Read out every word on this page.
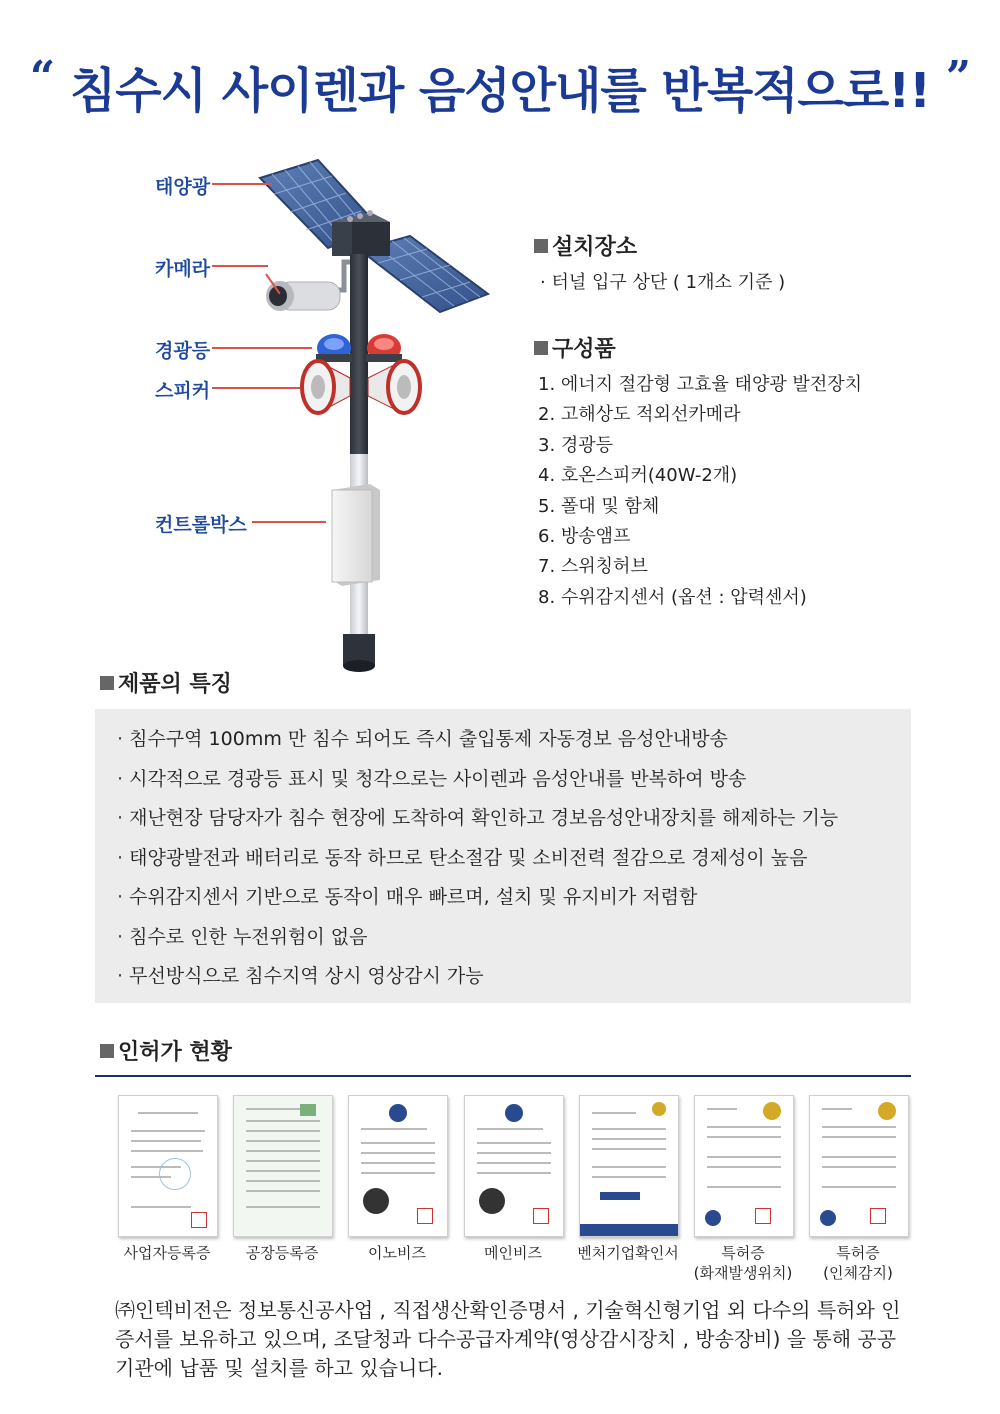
“ 침수시 사이렌과 음성안내를 반복적으로!! ”
태양광
카메라
경광등
스피커
컨트롤박스
설치장소
· 터널 입구 상단 ( 1개소 기준 )
구성품
1. 에너지 절감형 고효율 태양광 발전장치
2. 고해상도 적외선카메라
3. 경광등
4. 호온스피커(40W-2개)
5. 폴대 및 함체
6. 방송앰프
7. 스위칭허브
8. 수위감지센서 (옵션 : 압력센서)
제품의 특징
· 침수구역 100mm 만 침수 되어도 즉시 출입통제 자동경보 음성안내방송
· 시각적으로 경광등 표시 및 청각으로는 사이렌과 음성안내를 반복하여 방송
· 재난현장 담당자가 침수 현장에 도착하여 확인하고 경보음성안내장치를 해제하는 기능
· 태양광발전과 배터리로 동작 하므로 탄소절감 및 소비전력 절감으로 경제성이 높음
· 수위감지센서 기반으로 동작이 매우 빠르며, 설치 및 유지비가 저렴함
· 침수로 인한 누전위험이 없음
· 무선방식으로 침수지역 상시 영상감시 가능
인허가 현황
사업자등록증	공장등록증	이노비즈	메인비즈	벤처기업확인서	특허증
(화재발생위치)
특허증
(인체감지)
㈜인텍비전은 정보통신공사업 , 직접생산확인증명서 , 기술혁신형기업 외 다수의 특허와 인증서를 보유하고 있으며, 조달청과 다수공급자계약(영상감시장치 , 방송장비) 을 통해 공공기관에 납품 및 설치를 하고 있습니다.
